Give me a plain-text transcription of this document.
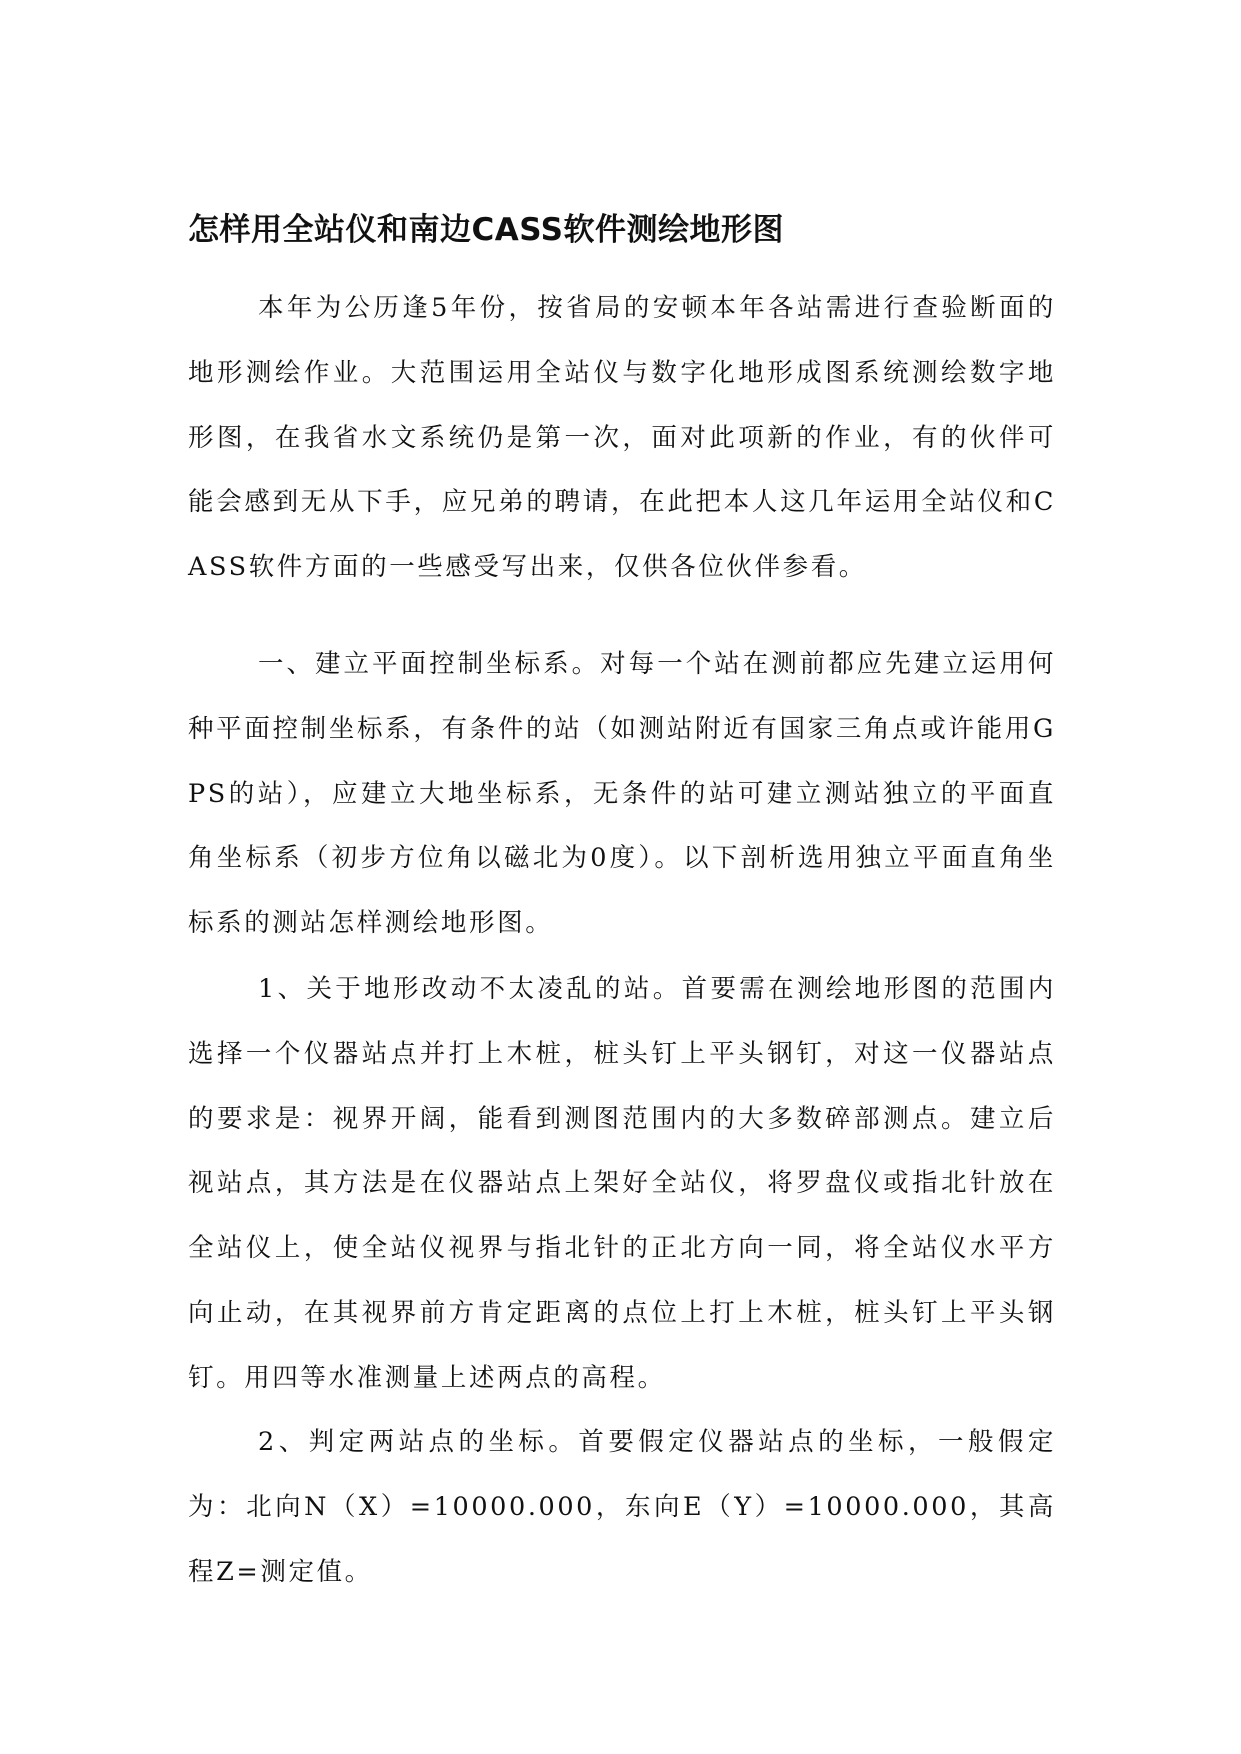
怎样用全站仪和南边CASS软件测绘地形图

本年为公历逢5年份，按省局的安顿本年各站需进行查验断面的地形测绘作业。大范围运用全站仪与数字化地形成图系统测绘数字地形图，在我省水文系统仍是第一次，面对此项新的作业，有的伙伴可能会感到无从下手，应兄弟的聘请，在此把本人这几年运用全站仪和CASS软件方面的一些感受写出来，仅供各位伙伴参看。

一、建立平面控制坐标系。对每一个站在测前都应先建立运用何种平面控制坐标系，有条件的站（如测站附近有国家三角点或许能用GPS的站），应建立大地坐标系，无条件的站可建立测站独立的平面直角坐标系（初步方位角以磁北为0度）。以下剖析选用独立平面直角坐标系的测站怎样测绘地形图。

1、关于地形改动不太凌乱的站。首要需在测绘地形图的范围内选择一个仪器站点并打上木桩，桩头钉上平头钢钉，对这一仪器站点的要求是：视界开阔，能看到测图范围内的大多数碎部测点。建立后视站点，其方法是在仪器站点上架好全站仪，将罗盘仪或指北针放在全站仪上，使全站仪视界与指北针的正北方向一同，将全站仪水平方向止动，在其视界前方肯定距离的点位上打上木桩，桩头钉上平头钢钉。用四等水准测量上述两点的高程。

2、判定两站点的坐标。首要假定仪器站点的坐标，一般假定为：北向N（X）=10000.000，东向E（Y）=10000.000，其高程Z=测定值。
